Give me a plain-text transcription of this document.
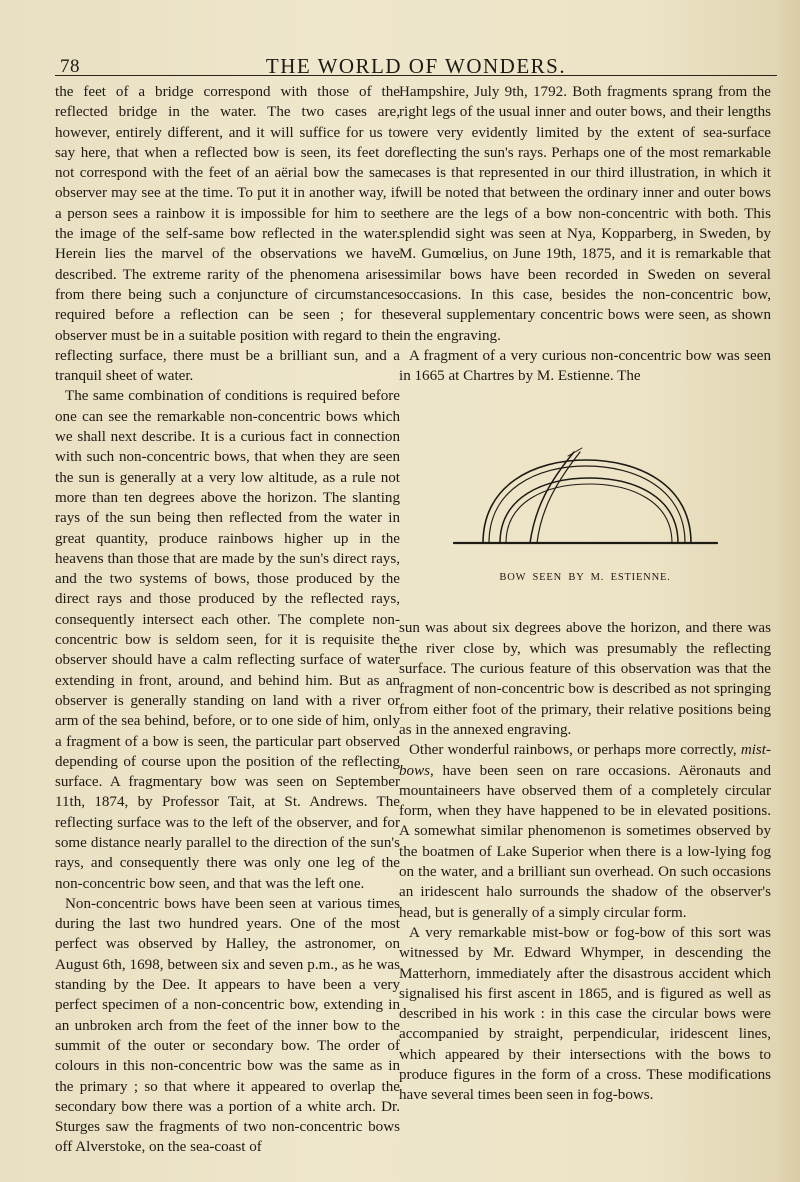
78	THE WORLD OF WONDERS.

the feet of a bridge correspond with those of the reflected bridge in the water. The two cases are, however, entirely different, and it will suffice for us to say here, that when a reflected bow is seen, its feet do not correspond with the feet of an aërial bow the same observer may see at the time. To put it in another way, if a person sees a rainbow it is impossible for him to see the image of the self-same bow reflected in the water. Herein lies the marvel of the observations we have described. The extreme rarity of the phenomena arises from there being such a conjuncture of circumstances required before a reflection can be seen ; for the observer must be in a suitable position with regard to the reflecting surface, there must be a brilliant sun, and a tranquil sheet of water.

The same combination of conditions is required before one can see the remarkable non-concentric bows which we shall next describe. It is a curious fact in connection with such non-concentric bows, that when they are seen the sun is generally at a very low altitude, as a rule not more than ten degrees above the horizon. The slanting rays of the sun being then reflected from the water in great quantity, produce rainbows higher up in the heavens than those that are made by the sun's direct rays, and the two systems of bows, those produced by the direct rays and those produced by the reflected rays, consequently intersect each other. The complete non-concentric bow is seldom seen, for it is requisite the observer should have a calm reflecting surface of water extending in front, around, and behind him. But as an observer is generally standing on land with a river or arm of the sea behind, before, or to one side of him, only a fragment of a bow is seen, the particular part observed depending of course upon the position of the reflecting surface. A fragmentary bow was seen on September 11th, 1874, by Professor Tait, at St. Andrews. The reflecting surface was to the left of the observer, and for some distance nearly parallel to the direction of the sun's rays, and consequently there was only one leg of the non-concentric bow seen, and that was the left one.

Non-concentric bows have been seen at various times during the last two hundred years. One of the most perfect was observed by Halley, the astronomer, on August 6th, 1698, between six and seven p.m., as he was standing by the Dee. It appears to have been a very perfect specimen of a non-concentric bow, extending in an unbroken arch from the feet of the inner bow to the summit of the outer or secondary bow. The order of colours in this non-concentric bow was the same as in the primary ; so that where it appeared to overlap the secondary bow there was a portion of a white arch. Dr. Sturges saw the fragments of two non-concentric bows off Alverstoke, on the sea-coast of

Hampshire, July 9th, 1792. Both fragments sprang from the right legs of the usual inner and outer bows, and their lengths were very evidently limited by the extent of sea-surface reflecting the sun's rays. Perhaps one of the most remarkable cases is that represented in our third illustration, in which it will be noted that between the ordinary inner and outer bows there are the legs of a bow non-concentric with both. This splendid sight was seen at Nya, Kopparberg, in Sweden, by M. Gumœlius, on June 19th, 1875, and it is remarkable that similar bows have been recorded in Sweden on several occasions. In this case, besides the non-concentric bow, several supplementary concentric bows were seen, as shown in the engraving.

A fragment of a very curious non-concentric bow was seen in 1665 at Chartres by M. Estienne. The

BOW SEEN BY M. ESTIENNE.

sun was about six degrees above the horizon, and there was the river close by, which was presumably the reflecting surface. The curious feature of this observation was that the fragment of non-concentric bow is described as not springing from either foot of the primary, their relative positions being as in the annexed engraving.

Other wonderful rainbows, or perhaps more correctly, mist-bows, have been seen on rare occasions. Aëronauts and mountaineers have observed them of a completely circular form, when they have happened to be in elevated positions. A somewhat similar phenomenon is sometimes observed by the boatmen of Lake Superior when there is a low-lying fog on the water, and a brilliant sun overhead. On such occasions an iridescent halo surrounds the shadow of the observer's head, but is generally of a simply circular form.

A very remarkable mist-bow or fog-bow of this sort was witnessed by Mr. Edward Whymper, in descending the Matterhorn, immediately after the disastrous accident which signalised his first ascent in 1865, and is figured as well as described in his work : in this case the circular bows were accompanied by straight, perpendicular, iridescent lines, which appeared by their intersections with the bows to produce figures in the form of a cross. These modifications have several times been seen in fog-bows.
